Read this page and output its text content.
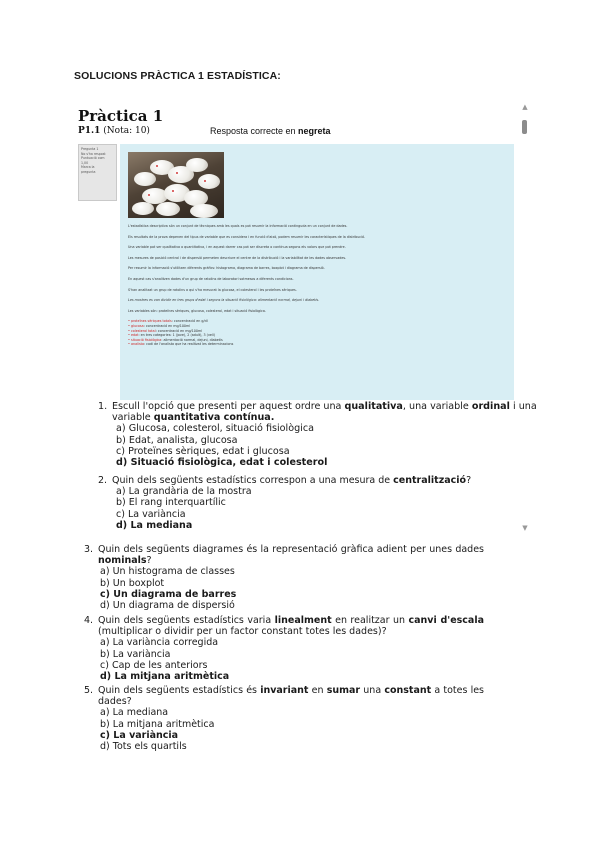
SOLUCIONS PRÀCTICA 1 ESTADÍSTICA:
Pràctica 1
P1.1 (Nota: 10)	Resposta correcte en negreta
Pregunta 1
No s'ha respost
Puntuació com
1,00
Marca la
pregunta
L'estadística descriptiva són un conjunt de tècniques amb les quals es pot resumir la informació continguda en un conjunt de dades.
Els resultats de la prova depenen del tipus de variable que es considera i en funció d'això, podem resumir les característiques de la distribució.
Una variable pot ser qualitativa o quantitativa, i en aquest darrer cas pot ser discreta o contínua segons els valors que pot prendre.
Les mesures de posició central i de dispersió permeten descriure el centre de la distribució i la variabilitat de les dades observades.
Per resumir la informació s'utilitzen diferents gràfics: histograma, diagrama de barres, boxplot i diagrama de dispersió.
En aquest cas s'analitzen dades d'un grup de ratolins de laboratori sotmesos a diferents condicions.
S'han analitzat un grup de ratolins a qui s'ha mesurat la glucosa, el colesterol i les proteïnes sèriques.
Les mostres es van dividir en tres grups d'edat i segons la situació fisiològica: alimentació normal, dejuni i diabetis.
Les variables són: proteïnes sèriques, glucosa, colesterol, edat i situació fisiològica.
• proteïnes sèriques totals: concentració en g/dl
• glucosa: concentració en mg/100ml
• colesterol total: concentració en mg/100ml
• edat: en tres categories: 1 (jove), 2 (adult), 3 (vell)
• situació fisiològica: alimentació normal, dejuni, diabetis
• analista: codi de l'analista que ha realitzat les determinacions
▲
▼
1. Escull l'opció que presenti per aquest ordre una qualitativa, una variable ordinal i una
variable quantitativa contínua.
a) Glucosa, colesterol, situació fisiològica
b) Edat, analista, glucosa
c) Proteïnes sèriques, edat i glucosa
d) Situació fisiològica, edat i colesterol
2. Quin dels següents estadístics correspon a una mesura de centralització?
a) La grandària de la mostra
b) El rang interquartílic
c) La variància
d) La mediana
3. Quin dels següents diagrames és la representació gràfica adient per unes dades nominals?
a) Un histograma de classes
b) Un boxplot
c) Un diagrama de barres
d) Un diagrama de dispersió
4. Quin dels següents estadístics varia linealment en realitzar un canvi d'escala (multiplicar o dividir per un factor constant totes les dades)?
a) La variància corregida
b) La variància
c) Cap de les anteriors
d) La mitjana aritmètica
5. Quin dels següents estadístics és invariant en sumar una constant a totes les dades?
a) La mediana
b) La mitjana aritmètica
c) La variància
d) Tots els quartils
